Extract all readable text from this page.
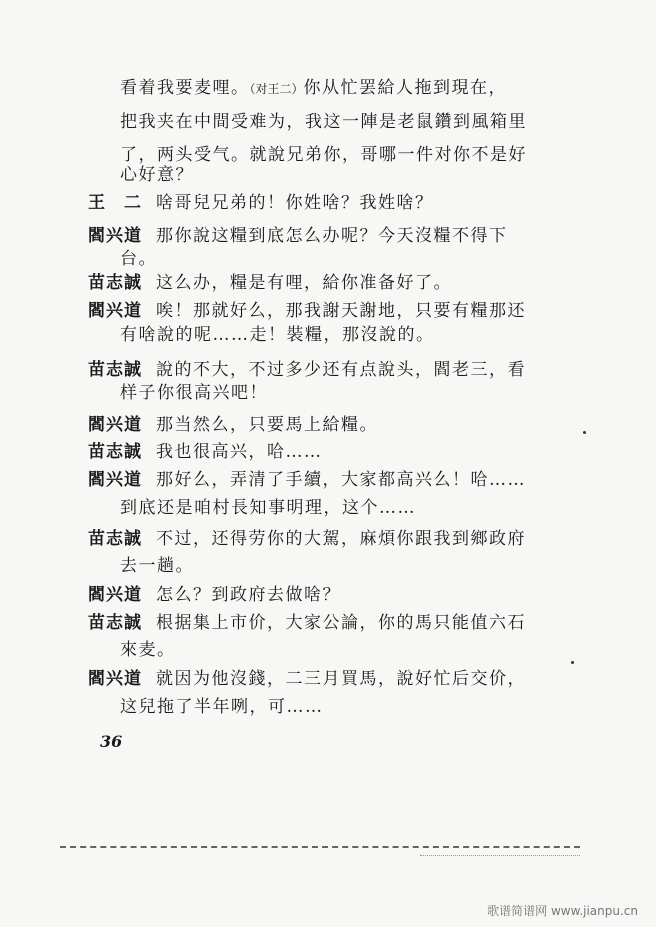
看着我要麦哩。（对王二）你从忙罢給人拖到現在，
把我夹在中間受难为，我这一陣是老鼠鑽到風箱里
了，两头受气。就說兄弟你，哥哪一件对你不是好
心好意？
王　二 啥哥兒兄弟的！你姓啥？我姓啥？
閻兴道 那你說这糧到底怎么办呢？今天沒糧不得下
台。
苗志誠 这么办，糧是有哩，給你准备好了。
閻兴道 唉！那就好么，那我謝天謝地，只要有糧那还
有啥說的呢……走！裝糧，那沒說的。
苗志誠 說的不大，不过多少还有点說头，閻老三，看
样子你很高兴吧！
閻兴道 那当然么，只要馬上給糧。
苗志誠 我也很高兴，哈……
閻兴道 那好么，弄清了手續，大家都高兴么！哈……
到底还是咱村長知事明理，这个……
苗志誠 不过，还得劳你的大駕，麻煩你跟我到鄉政府
去一趟。
閻兴道 怎么？到政府去做啥？
苗志誠 根据集上市价，大家公論，你的馬只能值六石
來麦。
閻兴道 就因为他沒錢，二三月買馬，說好忙后交价，
这兒拖了半年咧，可……
36
歌谱简谱网 www.jianpu.cn
